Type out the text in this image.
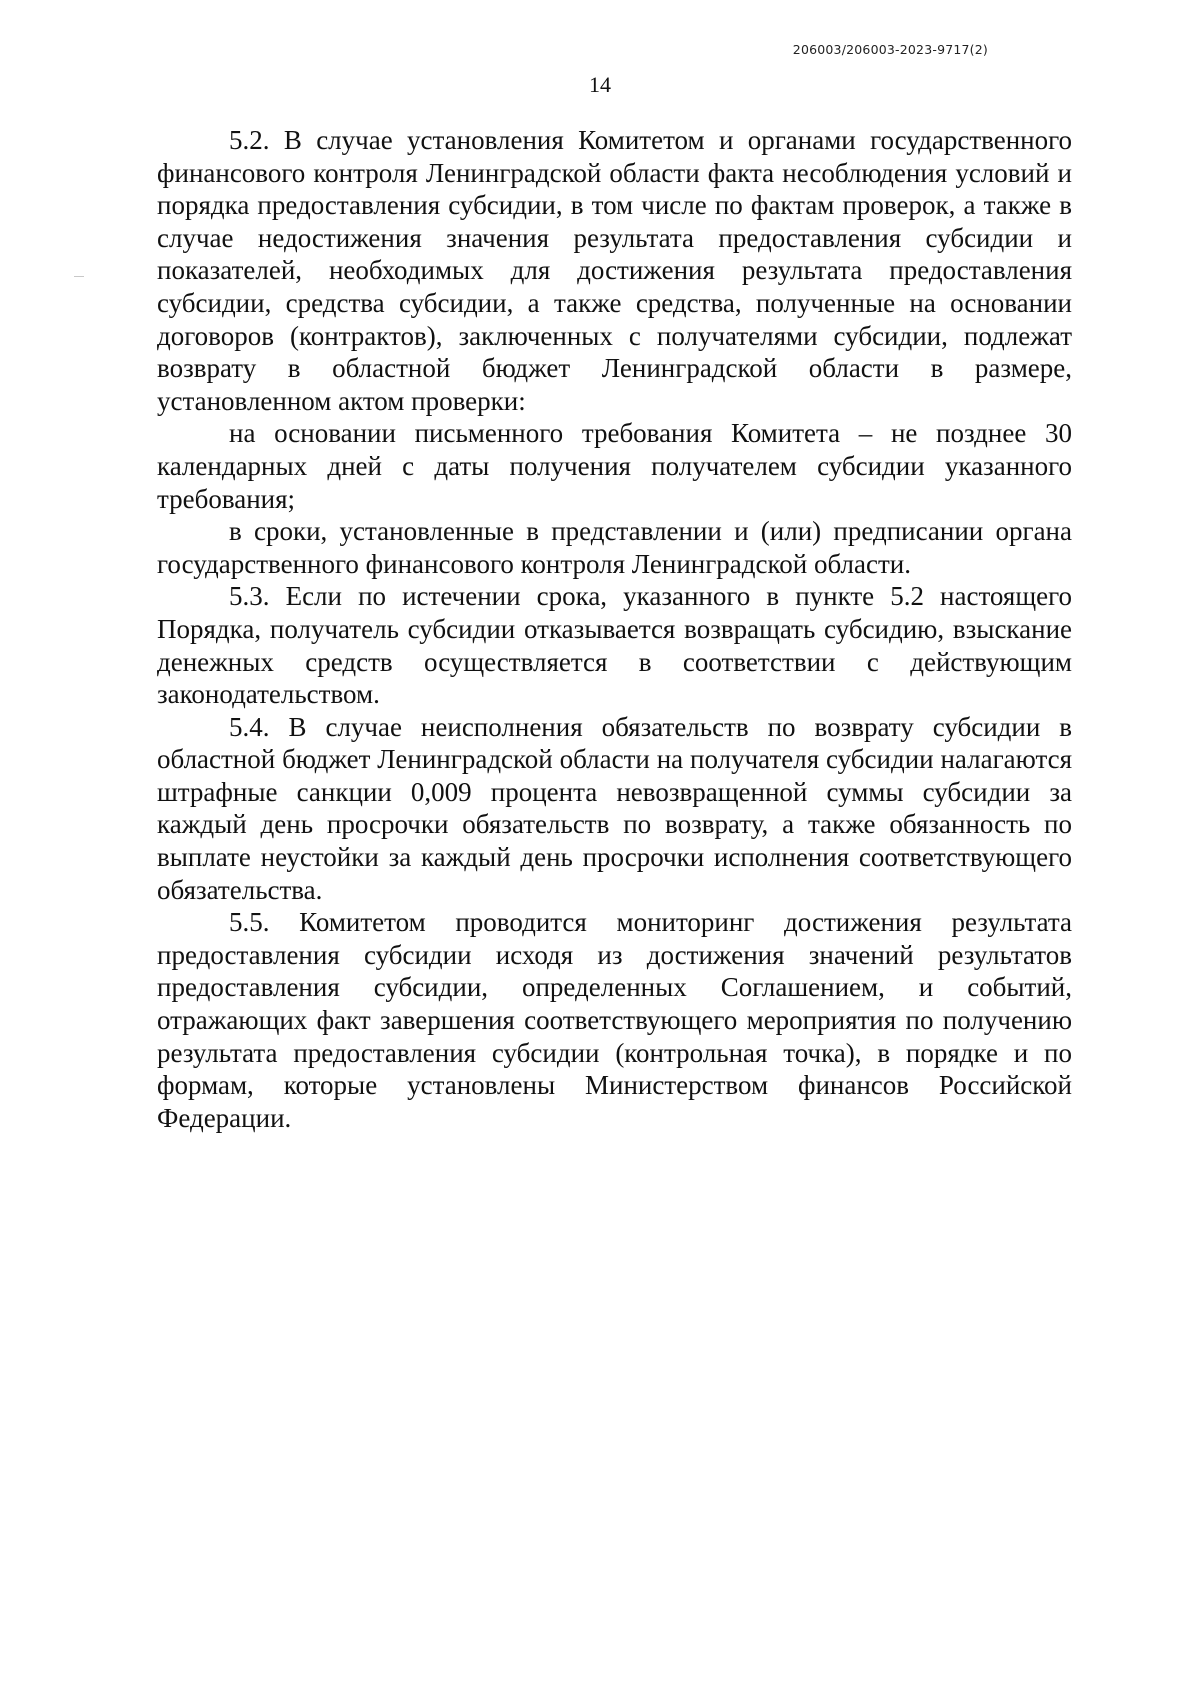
206003/206003-2023-9717(2)
14

5.2. В случае установления Комитетом и органами государственного финансового контроля Ленинградской области факта несоблюдения условий и порядка предоставления субсидии, в том числе по фактам проверок, а также в случае недостижения значения результата предоставления субсидии и показателей, необходимых для достижения результата предоставления субсидии, средства субсидии, а также средства, полученные на основании договоров (контрактов), заключенных с получателями субсидии, подлежат возврату в областной бюджет Ленинградской области в размере, установленном актом проверки:

на основании письменного требования Комитета – не позднее 30 календарных дней с даты получения получателем субсидии указанного требования;

в сроки, установленные в представлении и (или) предписании органа государственного финансового контроля Ленинградской области.

5.3. Если по истечении срока, указанного в пункте 5.2 настоящего Порядка, получатель субсидии отказывается возвращать субсидию, взыскание денежных средств осуществляется в соответствии с действующим законодательством.

5.4. В случае неисполнения обязательств по возврату субсидии в областной бюджет Ленинградской области на получателя субсидии налагаются штрафные санкции 0,009 процента невозвращенной суммы субсидии за каждый день просрочки обязательств по возврату, а также обязанность по выплате неустойки за каждый день просрочки исполнения соответствующего обязательства.

5.5. Комитетом проводится мониторинг достижения результата предоставления субсидии исходя из достижения значений результатов предоставления субсидии, определенных Соглашением, и событий, отражающих факт завершения соответствующего мероприятия по получению результата предоставления субсидии (контрольная точка), в порядке и по формам, которые установлены Министерством финансов Российской Федерации.
